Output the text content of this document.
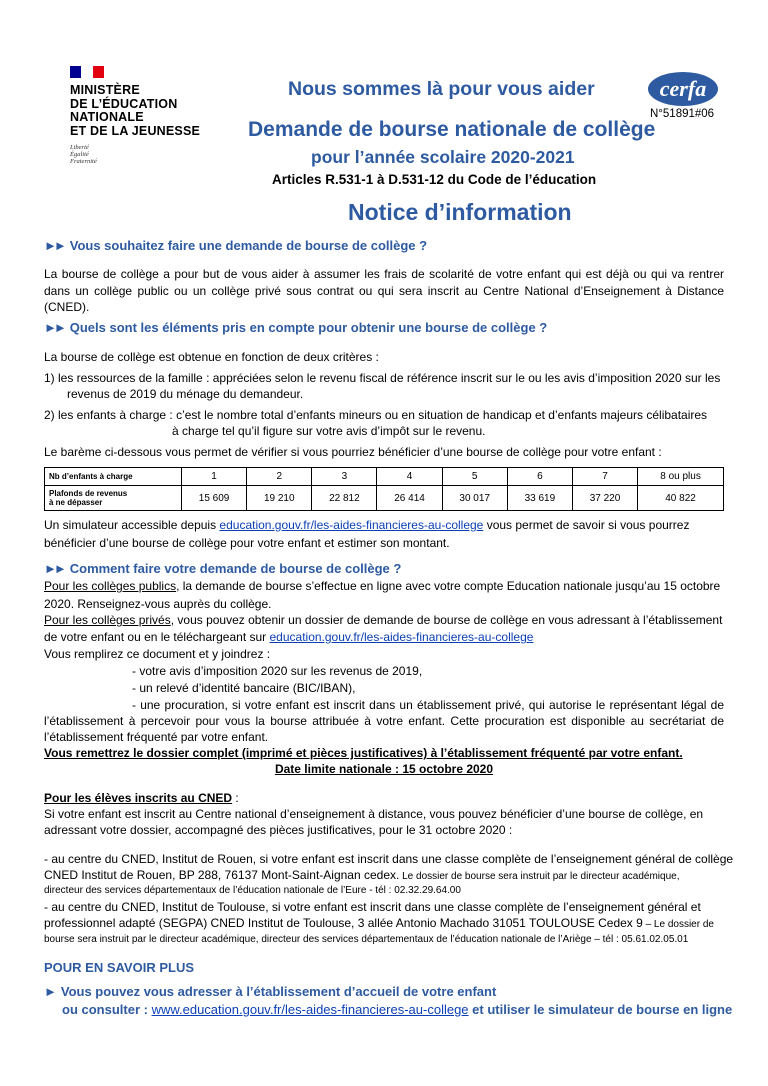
MINISTÈRE
DE L’ÉDUCATION
NATIONALE
ET DE LA JEUNESSE
Liberté
Égalité
Fraternité
cerfa
N°51891#06
Nous sommes là pour vous aider
Demande de bourse nationale de collège
pour l’année scolaire 2020-2021
Articles R.531-1 à D.531-12 du Code de l’éducation
Notice d’information
►► Vous souhaitez faire une demande de bourse de collège ?
La bourse de collège a pour but de vous aider à assumer les frais de scolarité de votre enfant qui est déjà ou qui va rentrer dans un collège public ou un collège privé sous contrat ou qui sera inscrit au Centre National d’Enseignement à Distance (CNED).
►► Quels sont les éléments pris en compte pour obtenir une bourse de collège ?
La bourse de collège est obtenue en fonction de deux critères :
1) les ressources de la famille : appréciées selon le revenu fiscal de référence inscrit sur le ou les avis d’imposition 2020 sur les
revenus de 2019 du ménage du demandeur.
2) les enfants à charge : c’est le nombre total d’enfants mineurs ou en situation de handicap et d’enfants majeurs célibataires
à charge tel qu’il figure sur votre avis d’impôt sur le revenu.
Le barème ci-dessous vous permet de vérifier si vous pourriez bénéficier d’une bourse de collège pour votre enfant :
Nb d’enfants à charge	1	2	3	4	5	6	7	8 ou plus

Plafonds de revenus
à ne dépasser	15 609	19 210	22 812	26 414	30 017	33 619	37 220	40 822
Un simulateur accessible depuis education.gouv.fr/les-aides-financieres-au-college vous permet de savoir si vous pourrez
bénéficier d’une bourse de collège pour votre enfant et estimer son montant.
►► Comment faire votre demande de bourse de collège ?
Pour les collèges publics, la demande de bourse s’effectue en ligne avec votre compte Education nationale jusqu’au 15 octobre
2020. Renseignez-vous auprès du collège.
Pour les collèges privés, vous pouvez obtenir un dossier de demande de bourse de collège en vous adressant à l’établissement
de votre enfant ou en le téléchargeant sur education.gouv.fr/les-aides-financieres-au-college
Vous remplirez ce document et y joindrez :
- votre avis d’imposition 2020 sur les revenus de 2019,
- un relevé d’identité bancaire (BIC/IBAN),
- une procuration, si votre enfant est inscrit dans un établissement privé, qui autorise le représentant légal de
l’établissement à percevoir pour vous la bourse attribuée à votre enfant. Cette procuration est disponible au secrétariat de
l’établissement fréquenté par votre enfant.
Vous remettrez le dossier complet (imprimé et pièces justificatives) à l’établissement fréquenté par votre enfant.
Date limite nationale : 15 octobre 2020
Pour les élèves inscrits au CNED :
Si votre enfant est inscrit au Centre national d’enseignement à distance, vous pouvez bénéficier d’une bourse de collège, en
adressant votre dossier, accompagné des pièces justificatives, pour le 31 octobre 2020 :
- au centre du CNED, Institut de Rouen, si votre enfant est inscrit dans une classe complète de l’enseignement général de collège
CNED Institut de Rouen, BP 288, 76137 Mont-Saint-Aignan cedex. Le dossier de bourse sera instruit par le directeur académique,
directeur des services départementaux de l’éducation nationale de l’Eure - tél : 02.32.29.64.00
- au centre du CNED, Institut de Toulouse, si votre enfant est inscrit dans une classe complète de l’enseignement général et
professionnel adapté (SEGPA) CNED Institut de Toulouse, 3 allée Antonio Machado 31051 TOULOUSE Cedex 9 – Le dossier de
bourse sera instruit par le directeur académique, directeur des services départementaux de l’éducation nationale de l’Ariège – tél : 05.61.02.05.01
POUR EN SAVOIR PLUS
► Vous pouvez vous adresser à l’établissement d’accueil de votre enfant
ou consulter : www.education.gouv.fr/les-aides-financieres-au-college et utiliser le simulateur de bourse en ligne
